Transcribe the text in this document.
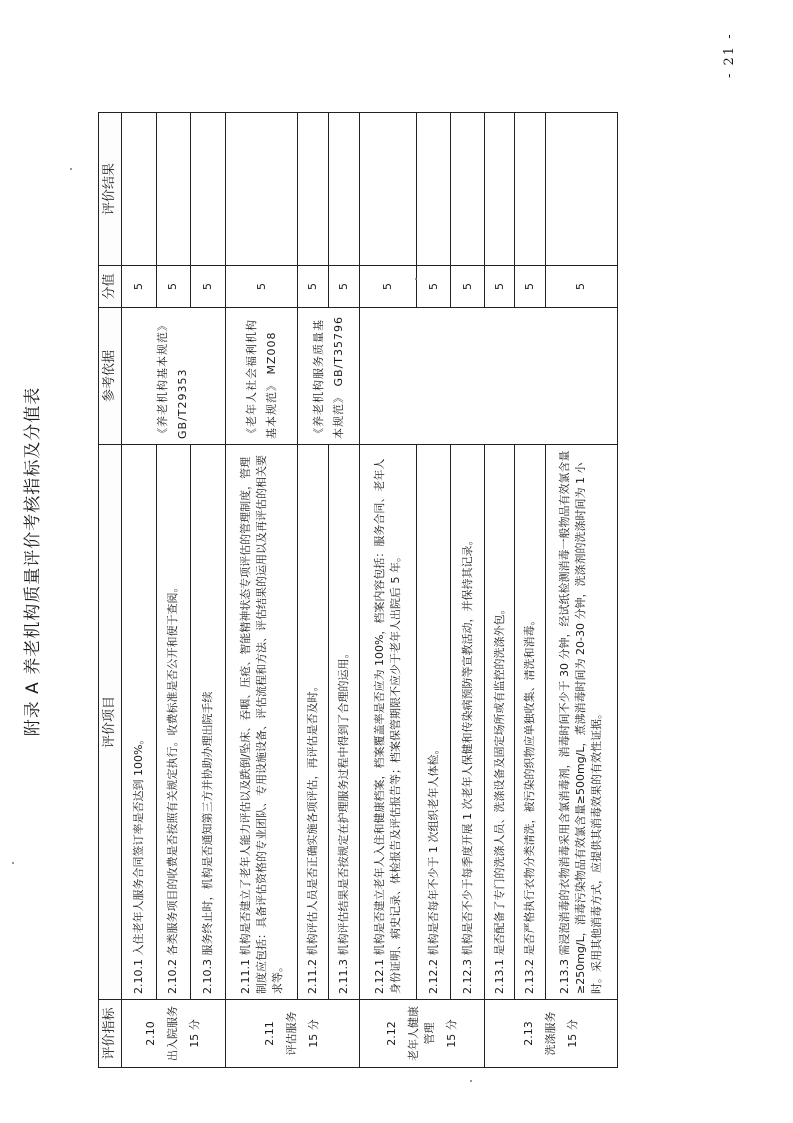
附录 A 养老机构质量评价考核指标及分值表
评价指标	评价项目	参考依据	分值	评价结果

2.10 出入院服务 15 分	2.10.1 入住老年人服务合同签订率是否达到 100%。	《养老机构基本规范》 GB/T29353	5	
	2.10.2 各类服务项目的收费是否按照有关规定执行。收费标准是否公开和便于查阅。		5	
	2.10.3 服务终止时，机构是否通知第三方并协助办理出院手续		5	

2.11 评估服务 15 分	2.11.1 机构是否建立了老年人能力评估以及跌倒/坠床、吞咽、压疮、智能精神状态专项评估的管理制度，管理制度应包括：具备评估资格的专业团队、专用设施设备、评估流程和方法、评估结果的运用以及再评估的相关要求等。	《老年人社会福利机构基本规范》 MZ008	5	
	2.11.2 机构评估人员是否正确实施各项评估，再评估是否及时。	《养老机构服务质量基本规范》 GB/T35796	5	
	2.11.3 机构评估结果是否按规定在护理服务过程中得到了合理的运用。		5	

2.12 老年人健康管理 15 分	2.12.1 机构是否建立老年人入住和健康档案，档案覆盖率是否应为 100%，档案内容包括：服务合同、老年人身份证明、病史记录、体检报告及评估报告等；档案保管期限不应少于老年人出院后 5 年。		5	
	2.12.2 机构是否每年不少于 1 次组织老年人体检。		5	
	2.12.3 机构是否不少于每季度开展 1 次老年人保健和传染病预防等宣教活动，并保持其记录。		5	

2.13 洗涤服务 15 分	2.13.1 是否配备了专门的洗涤人员、洗涤设备及固定场所或有监控的洗涤外包。		5	
	2.13.2 是否严格执行衣物分类清洗，被污染的织物应单独收集、清洗和消毒。		5	
	2.13.3 需浸泡消毒的衣物消毒采用含氯消毒剂，消毒时间不少于 30 分钟，经试纸检测消毒一般物品有效氯含量≥250mg/L，消毒污染物品有效氯含量≥500mg/L，煮沸消毒时间为 20-30 分钟，洗涤剂的洗涤时间为 1 小时。采用其他消毒方式，应提供其消毒效果的有效性证据。		5	
- 21 -
